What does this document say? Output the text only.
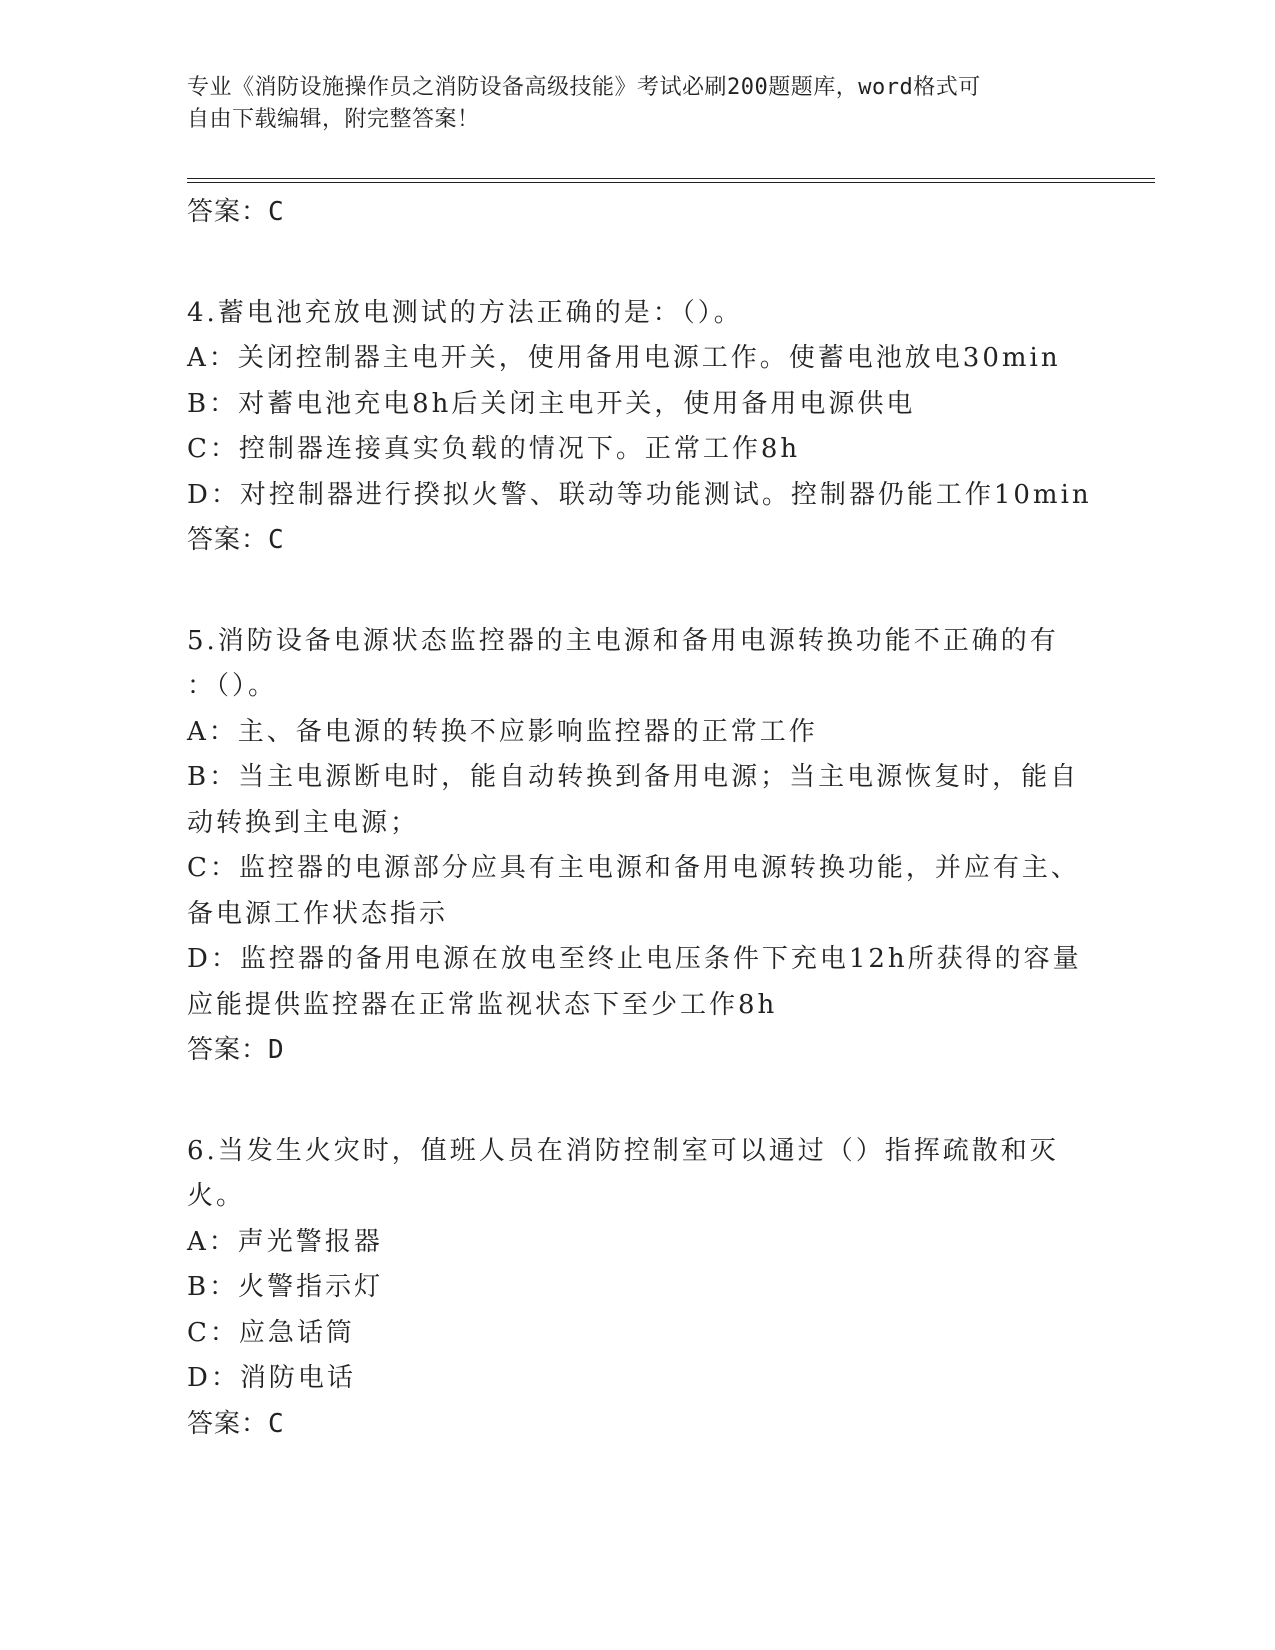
专业《消防设施操作员之消防设备高级技能》考试必刷200题题库，word格式可
自由下载编辑，附完整答案！
答案：C
4.蓄电池充放电测试的方法正确的是：（）。
A：关闭控制器主电开关，使用备用电源工作。使蓄电池放电30min
B：对蓄电池充电8h后关闭主电开关，使用备用电源供电
C：控制器连接真实负载的情况下。正常工作8h
D：对控制器进行揆拟火警、联动等功能测试。控制器仍能工作10min
答案：C
5.消防设备电源状态监控器的主电源和备用电源转换功能不正确的有
：（）。
A：主、备电源的转换不应影响监控器的正常工作
B：当主电源断电时，能自动转换到备用电源；当主电源恢复时，能自
动转换到主电源；
C：监控器的电源部分应具有主电源和备用电源转换功能，并应有主、
备电源工作状态指示
D：监控器的备用电源在放电至终止电压条件下充电12h所获得的容量
应能提供监控器在正常监视状态下至少工作8h
答案：D
6.当发生火灾时，值班人员在消防控制室可以通过（）指挥疏散和灭
火。
A：声光警报器
B：火警指示灯
C：应急话筒
D：消防电话
答案：C
